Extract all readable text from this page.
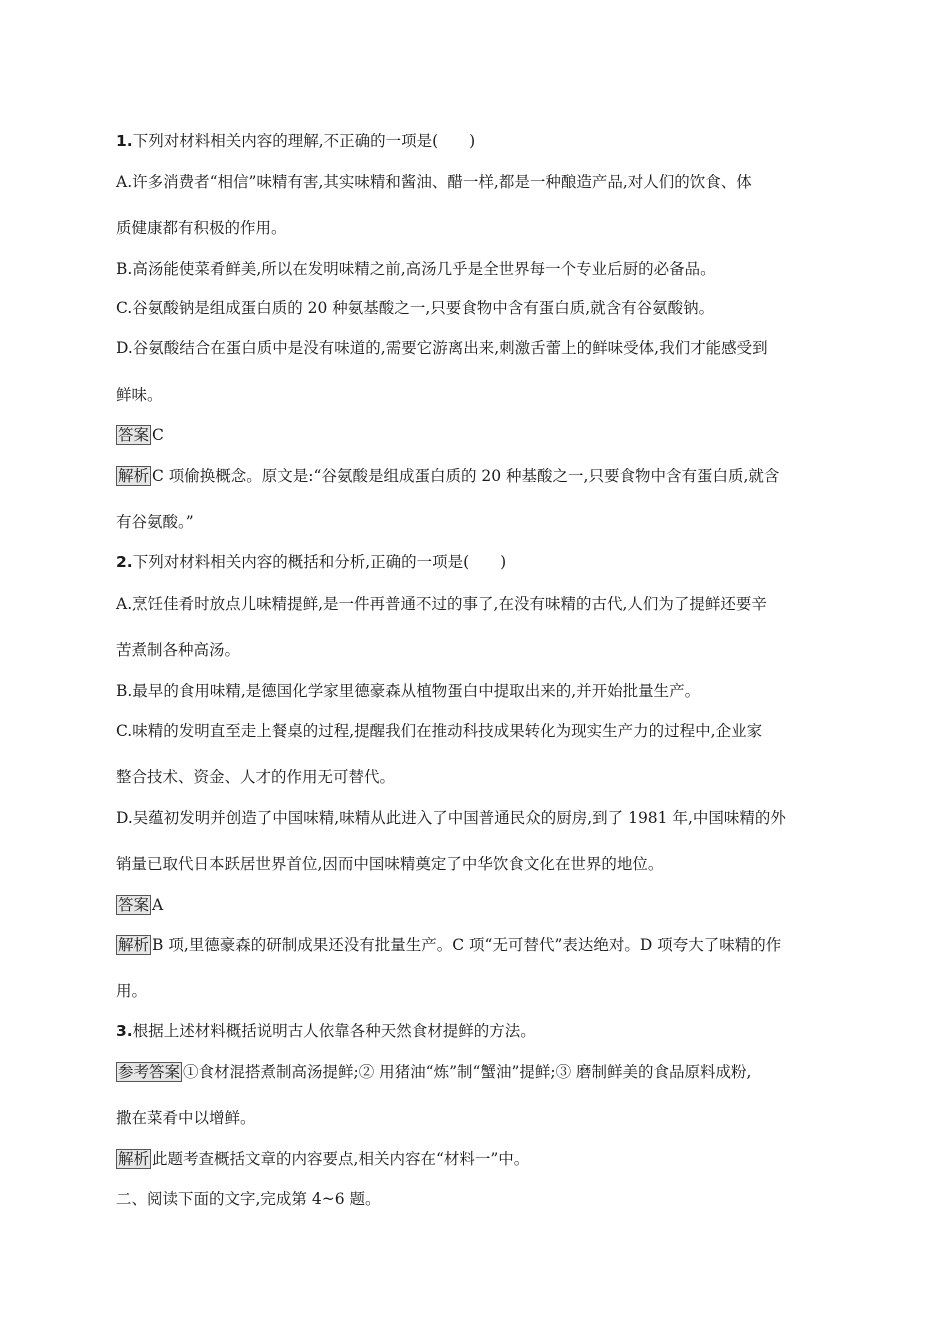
1.下列对材料相关内容的理解,不正确的一项是(　　)
A.许多消费者“相信”味精有害,其实味精和酱油、醋一样,都是一种酿造产品,对人们的饮食、体
质健康都有积极的作用。
B.高汤能使菜肴鲜美,所以在发明味精之前,高汤几乎是全世界每一个专业后厨的必备品。
C.谷氨酸钠是组成蛋白质的 20 种氨基酸之一,只要食物中含有蛋白质,就含有谷氨酸钠。
D.谷氨酸结合在蛋白质中是没有味道的,需要它游离出来,刺激舌蕾上的鲜味受体,我们才能感受到
鲜味。
答案 C
解析 C 项偷换概念。原文是:“谷氨酸是组成蛋白质的 20 种基酸之一,只要食物中含有蛋白质,就含
有谷氨酸。”
2.下列对材料相关内容的概括和分析,正确的一项是(　　)
A.烹饪佳肴时放点儿味精提鲜,是一件再普通不过的事了,在没有味精的古代,人们为了提鲜还要辛
苦煮制各种高汤。
B.最早的食用味精,是德国化学家里德豪森从植物蛋白中提取出来的,并开始批量生产。
C.味精的发明直至走上餐桌的过程,提醒我们在推动科技成果转化为现实生产力的过程中,企业家
整合技术、资金、人才的作用无可替代。
D.吴蕴初发明并创造了中国味精,味精从此进入了中国普通民众的厨房,到了 1981 年,中国味精的外
销量已取代日本跃居世界首位,因而中国味精奠定了中华饮食文化在世界的地位。
答案 A
解析 B 项,里德豪森的研制成果还没有批量生产。C 项“无可替代”表达绝对。D 项夸大了味精的作
用。
3.根据上述材料概括说明古人依靠各种天然食材提鲜的方法。
参考答案 ①食材混搭煮制高汤提鲜;② 用猪油“炼”制“蟹油”提鲜;③ 磨制鲜美的食品原料成粉,
撒在菜肴中以增鲜。
解析 此题考查概括文章的内容要点,相关内容在“材料一”中。
二、阅读下面的文字,完成第 4~6 题。
